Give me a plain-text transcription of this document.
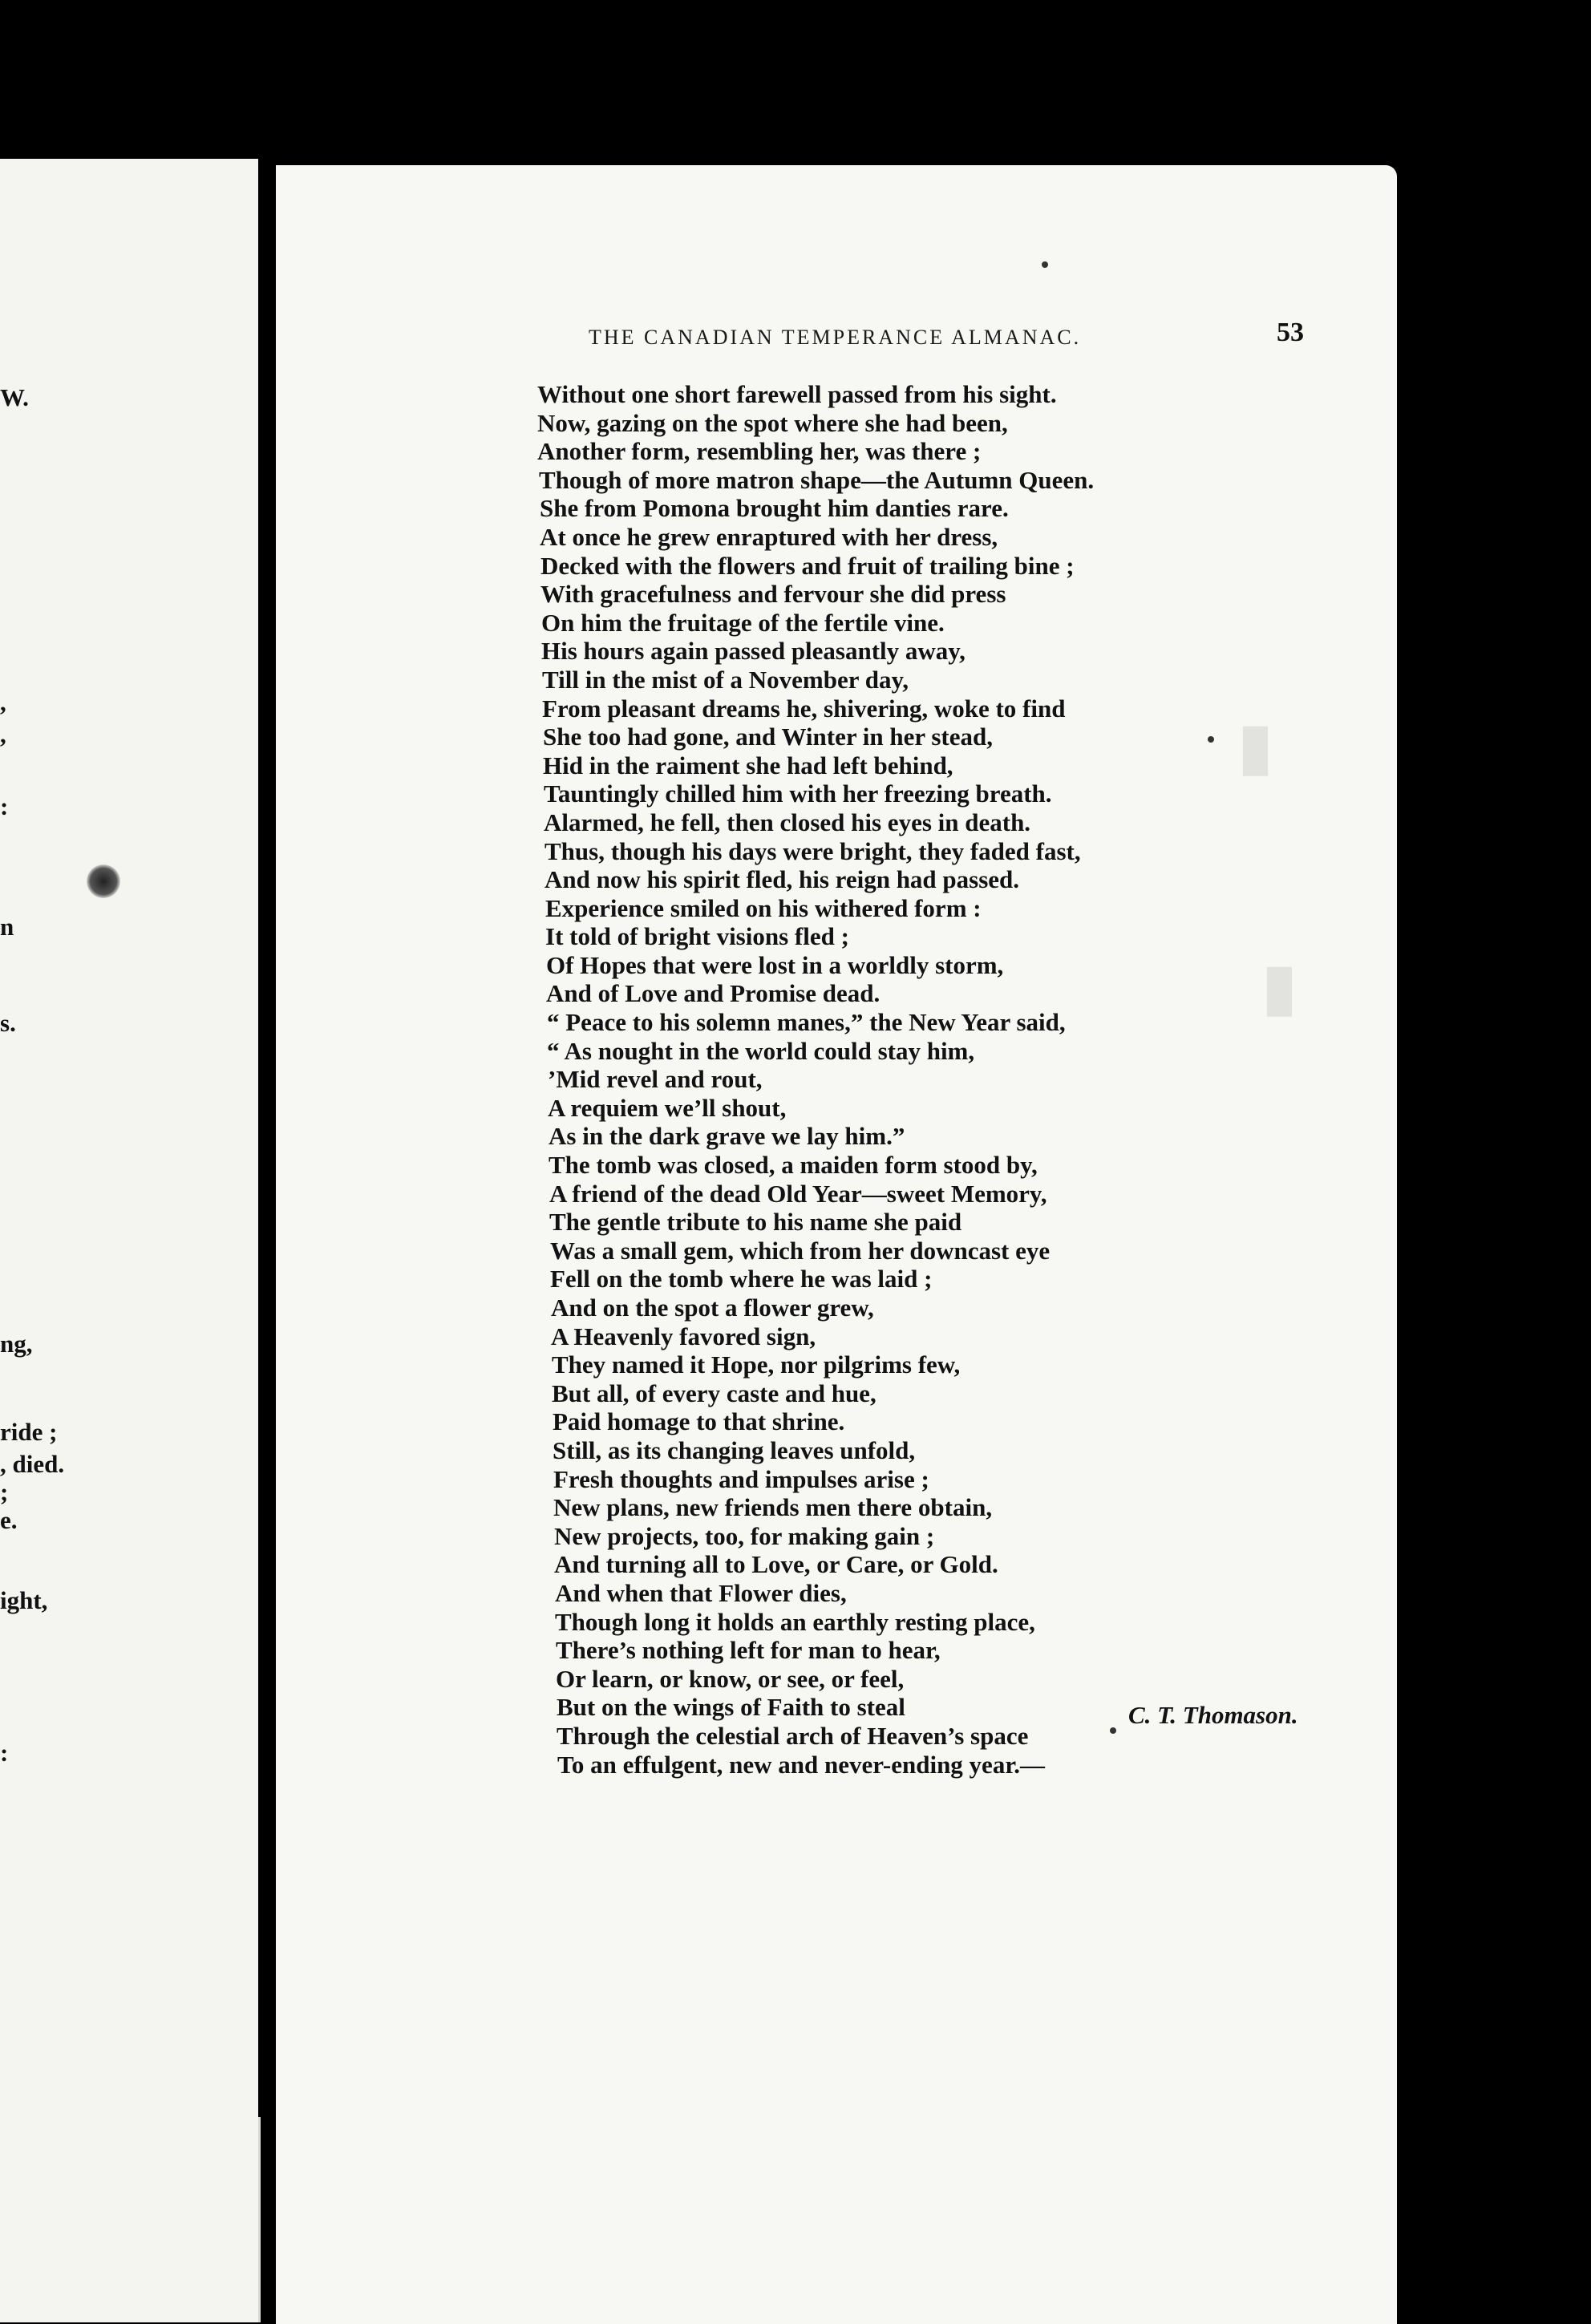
W.
,
,
:
n
s.
ng,
ride ;
, died.
;
e.
ight,
:
▮
▮
THE CANADIAN TEMPERANCE ALMANAC.	53
Without one short farewell passed from his sight.
Now, gazing on the spot where she had been,
Another form, resembling her, was there ;
Though of more matron shape—the Autumn Queen.
She from Pomona brought him danties rare.
At once he grew enraptured with her dress,
Decked with the flowers and fruit of trailing bine ;
With gracefulness and fervour she did press
On him the fruitage of the fertile vine.
His hours again passed pleasantly away,
Till in the mist of a November day,
From pleasant dreams he, shivering, woke to find
She too had gone, and Winter in her stead,
Hid in the raiment she had left behind,
Tauntingly chilled him with her freezing breath.
Alarmed, he fell, then closed his eyes in death.
Thus, though his days were bright, they faded fast,
And now his spirit fled, his reign had passed.
Experience smiled on his withered form :
It told of bright visions fled ;
Of Hopes that were lost in a worldly storm,
And of Love and Promise dead.
“ Peace to his solemn manes,” the New Year said,
“ As nought in the world could stay him,
’Mid revel and rout,
A requiem we’ll shout,
As in the dark grave we lay him.”
The tomb was closed, a maiden form stood by,
A friend of the dead Old Year—sweet Memory,
The gentle tribute to his name she paid
Was a small gem, which from her downcast eye
Fell on the tomb where he was laid ;
And on the spot a flower grew,
A Heavenly favored sign,
They named it Hope, nor pilgrims few,
But all, of every caste and hue,
Paid homage to that shrine.
Still, as its changing leaves unfold,
Fresh thoughts and impulses arise ;
New plans, new friends men there obtain,
New projects, too, for making gain ;
And turning all to Love, or Care, or Gold.
And when that Flower dies,
Though long it holds an earthly resting place,
There’s nothing left for man to hear,
Or learn, or know, or see, or feel,
But on the wings of Faith to steal
Through the celestial arch of Heaven’s space
To an effulgent, new and never-ending year.—
C. T. Thomason.
